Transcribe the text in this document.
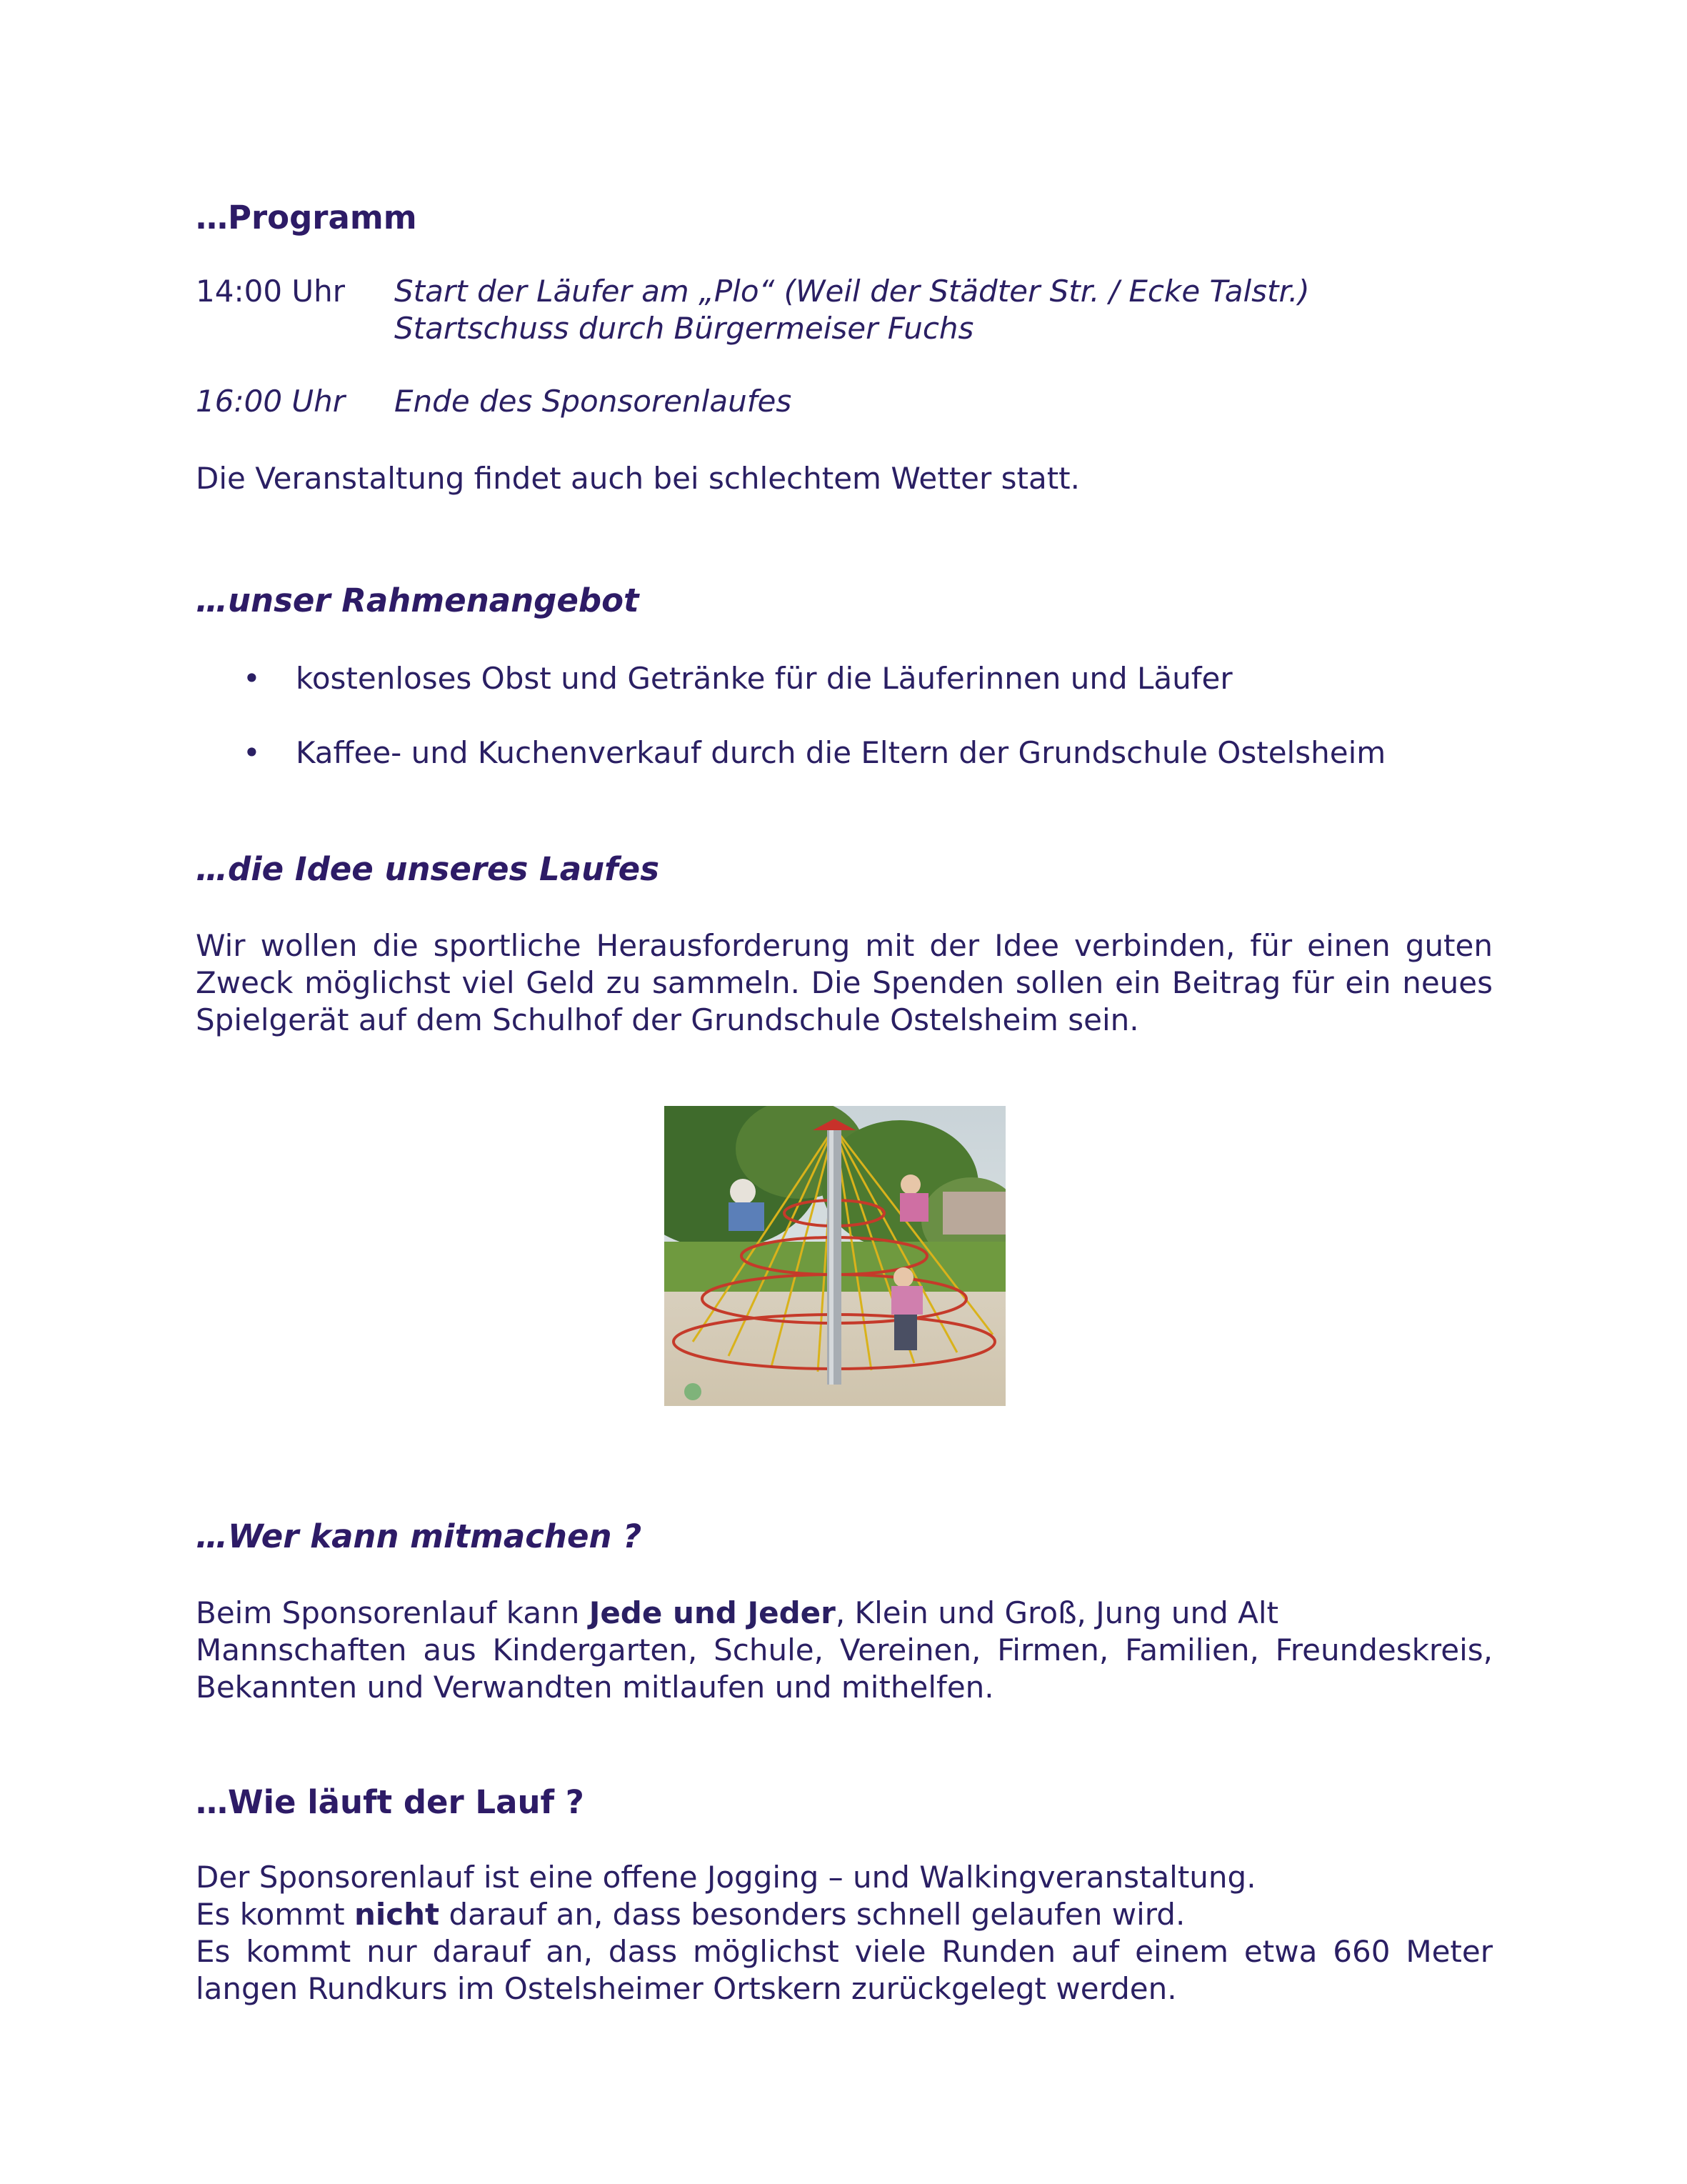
…Programm
14:00 Uhr Start der Läufer am „Plo“ (Weil der Städter Str. / Ecke Talstr.)
Startschuss durch Bürgermeiser Fuchs
16:00 Uhr Ende des Sponsorenlaufes
Die Veranstaltung findet auch bei schlechtem Wetter statt.
…unser Rahmenangebot
• kostenloses Obst und Getränke für die Läuferinnen und Läufer
• Kaffee- und Kuchenverkauf durch die Eltern der Grundschule Ostelsheim
…die Idee unseres Laufes
Wir wollen die sportliche Herausforderung mit der Idee verbinden, für einen guten
Zweck möglichst viel Geld zu sammeln. Die Spenden sollen ein Beitrag für ein neues
Spielgerät auf dem Schulhof der Grundschule Ostelsheim sein.
…Wer kann mitmachen ?
Beim Sponsorenlauf kann Jede und Jeder, Klein und Groß, Jung und Alt
Mannschaften aus Kindergarten, Schule, Vereinen, Firmen, Familien, Freundeskreis,
Bekannten und Verwandten mitlaufen und mithelfen.
…Wie läuft der Lauf ?
Der Sponsorenlauf ist eine offene Jogging – und Walkingveranstaltung.
Es kommt nicht darauf an, dass besonders schnell gelaufen wird.
Es kommt nur darauf an, dass möglichst viele Runden auf einem etwa 660 Meter
langen Rundkurs im Ostelsheimer Ortskern zurückgelegt werden.
